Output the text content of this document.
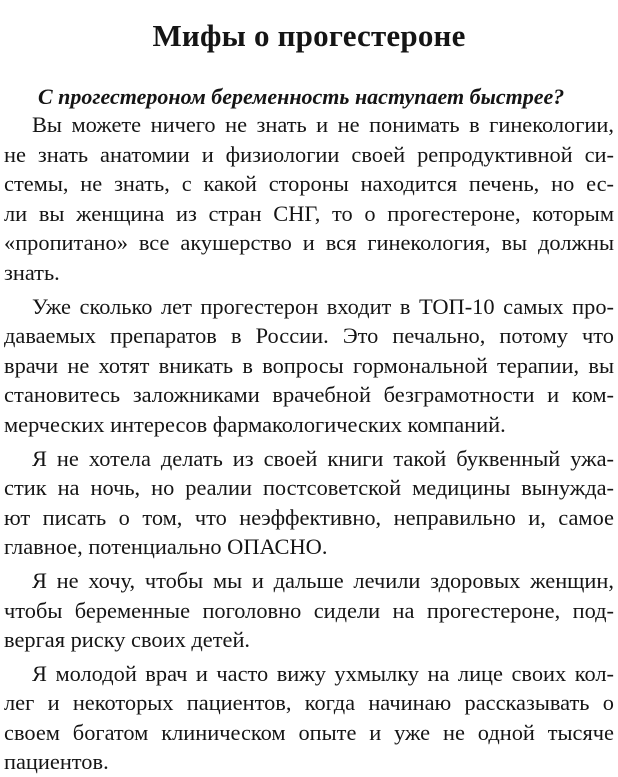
Мифы о прогестероне
С прогестероном беременность наступает быстрее?
Вы можете ничего не знать и не понимать в гинекологии,
не знать анатомии и физиологии своей репродуктивной си-
стемы, не знать, с какой стороны находится печень, но ес-
ли вы женщина из стран СНГ, то о прогестероне, которым
«пропитано» все акушерство и вся гинекология, вы должны
знать.
Уже сколько лет прогестерон входит в ТОП-10 самых про-
даваемых препаратов в России. Это печально, потому что
врачи не хотят вникать в вопросы гормональной терапии, вы
становитесь заложниками врачебной безграмотности и ком-
мерческих интересов фармакологических компаний.
Я не хотела делать из своей книги такой буквенный ужа-
стик на ночь, но реалии постсоветской медицины вынужда-
ют писать о том, что неэффективно, неправильно и, самое
главное, потенциально ОПАСНО.
Я не хочу, чтобы мы и дальше лечили здоровых женщин,
чтобы беременные поголовно сидели на прогестероне, под-
вергая риску своих детей.
Я молодой врач и часто вижу ухмылку на лице своих кол-
лег и некоторых пациентов, когда начинаю рассказывать о
своем богатом клиническом опыте и уже не одной тысяче
пациентов.
